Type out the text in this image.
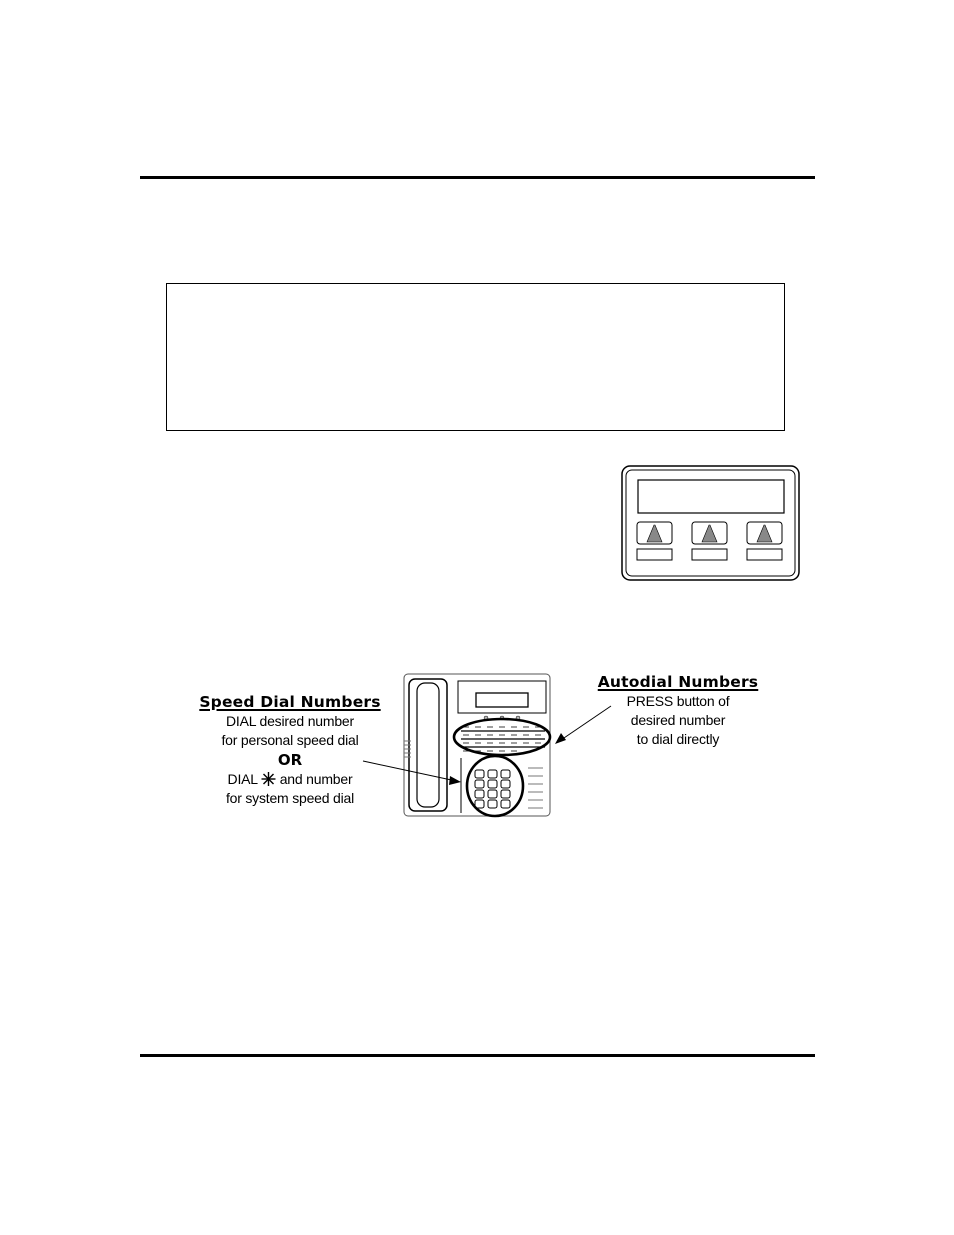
Speed Dial Numbers
DIAL desired number
for personal speed dial
OR
DIAL  and number
for system speed dial
Autodial Numbers
PRESS button of
desired number
to dial directly
